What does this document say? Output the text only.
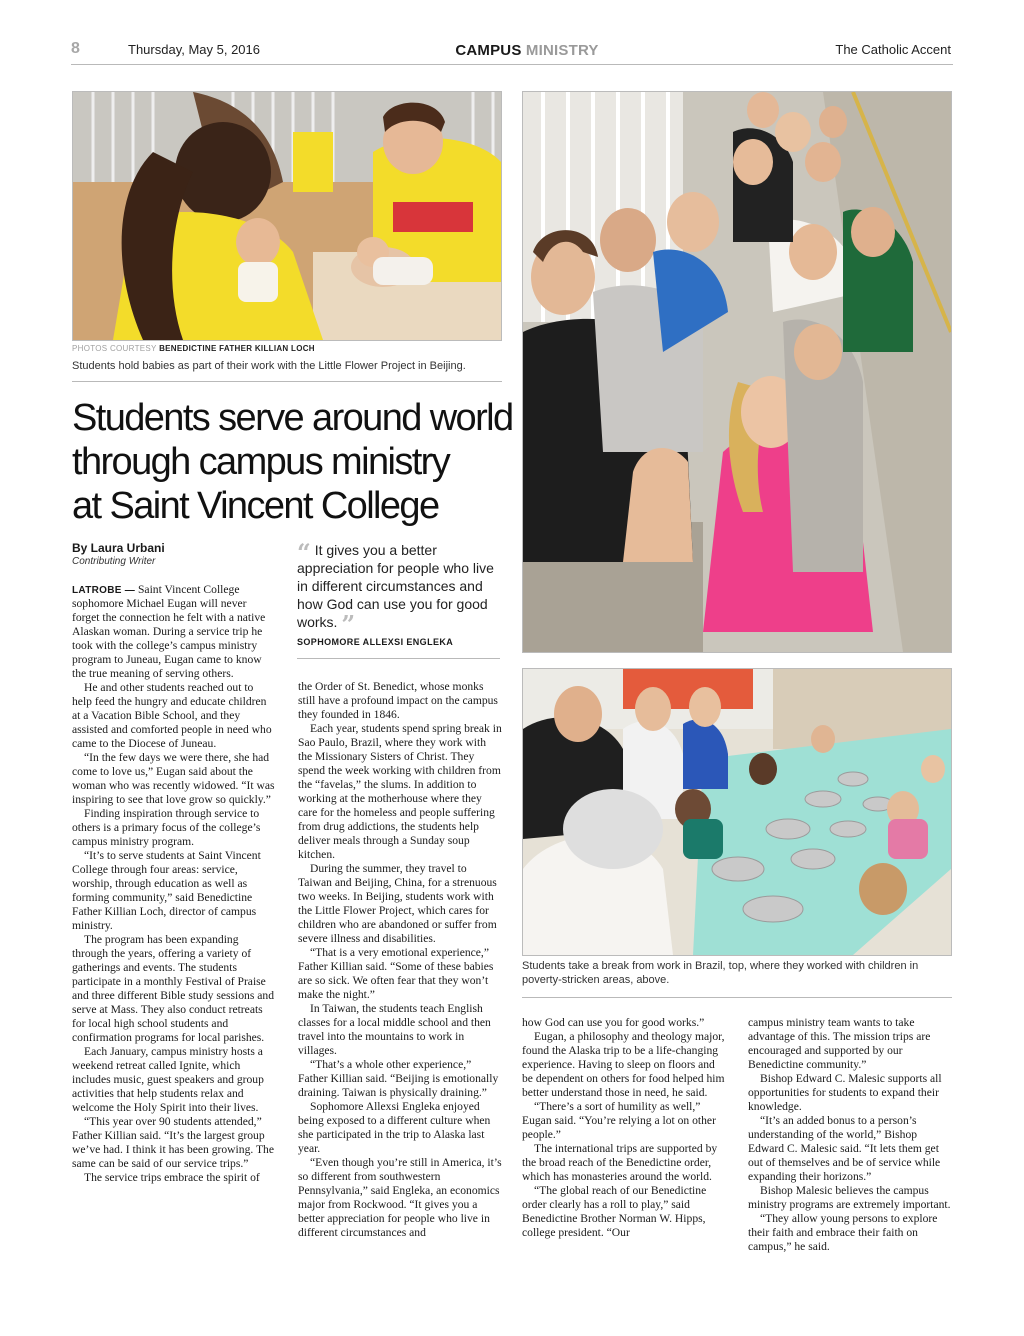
8	Thursday, May 5, 2016	CAMPUS MINISTRY	The Catholic Accent
PHOTOS COURTESY BENEDICTINE FATHER KILLIAN LOCH
Students hold babies as part of their work with the Little Flower Project in Beijing.
Students take a break from work in Brazil, top, where they worked with children in poverty-stricken areas, above.
Students serve around world
through campus ministry
at Saint Vincent College
By Laura Urbani
Contributing Writer	“ It gives you a better appreciation for people who live in different circumstances and how God can use you for good works. ”
SOPHOMORE ALLEXSI ENGLEKA

LATROBE — Saint Vincent College sophomore Michael Eugan will never forget the connection he felt with a native Alaskan woman. During a service trip he took with the college’s campus ministry program to Juneau, Eugan came to know the true meaning of serving others.

He and other students reached out to help feed the hungry and educate children at a Vacation Bible School, and they assisted and comforted people in need who came to the Diocese of Juneau.

“In the few days we were there, she had come to love us,” Eugan said about the woman who was recently widowed. “It was inspiring to see that love grow so quickly.”

Finding inspiration through service to others is a primary focus of the college’s campus ministry program.

“It’s to serve students at Saint Vincent College through four areas: service, worship, through education as well as forming community,” said Benedictine Father Killian Loch, director of campus ministry.

The program has been expanding through the years, offering a variety of gatherings and events. The students participate in a monthly Festival of Praise and three different Bible study sessions and serve at Mass. They also conduct retreats for local high school students and confirmation programs for local parishes.

Each January, campus ministry hosts a weekend retreat called Ignite, which includes music, guest speakers and group activities that help students relax and welcome the Holy Spirit into their lives.

“This year over 90 students attended,” Father Killian said. “It’s the largest group we’ve had. I think it has been growing. The same can be said of our service trips.”

The service trips embrace the spirit of

the Order of St. Benedict, whose monks still have a profound impact on the campus they founded in 1846.

Each year, students spend spring break in Sao Paulo, Brazil, where they work with the Missionary Sisters of Christ. They spend the week working with children from the “favelas,” the slums. In addition to working at the motherhouse where they care for the homeless and people suffering from drug addictions, the students help deliver meals through a Sunday soup kitchen.

During the summer, they travel to Taiwan and Beijing, China, for a strenuous two weeks. In Beijing, students work with the Little Flower Project, which cares for children who are abandoned or suffer from severe illness and disabilities.

“That is a very emotional experience,” Father Killian said. “Some of these babies are so sick. We often fear that they won’t make the night.”

In Taiwan, the students teach English classes for a local middle school and then travel into the mountains to work in villages.

“That’s a whole other experience,” Father Killian said. “Beijing is emotionally draining. Taiwan is physically draining.”

Sophomore Allexsi Engleka enjoyed being exposed to a different culture when she participated in the trip to Alaska last year.

“Even though you’re still in America, it’s so different from southwestern Pennsylvania,” said Engleka, an economics major from Rockwood. “It gives you a better appreciation for people who live in different circumstances and

how God can use you for good works.”

Eugan, a philosophy and theology major, found the Alaska trip to be a life-changing experience. Having to sleep on floors and be dependent on others for food helped him better understand those in need, he said.

“There’s a sort of humility as well,” Eugan said. “You’re relying a lot on other people.”

The international trips are supported by the broad reach of the Benedictine order, which has monasteries around the world.

“The global reach of our Benedictine order clearly has a roll to play,” said Benedictine Brother Norman W. Hipps, college president. “Our

campus ministry team wants to take advantage of this. The mission trips are encouraged and supported by our Benedictine community.”

Bishop Edward C. Malesic supports all opportunities for students to expand their knowledge.

“It’s an added bonus to a person’s understanding of the world,” Bishop Edward C. Malesic said. “It lets them get out of themselves and be of service while expanding their horizons.”

Bishop Malesic believes the campus ministry programs are extremely important.

“They allow young persons to explore their faith and embrace their faith on campus,” he said.
